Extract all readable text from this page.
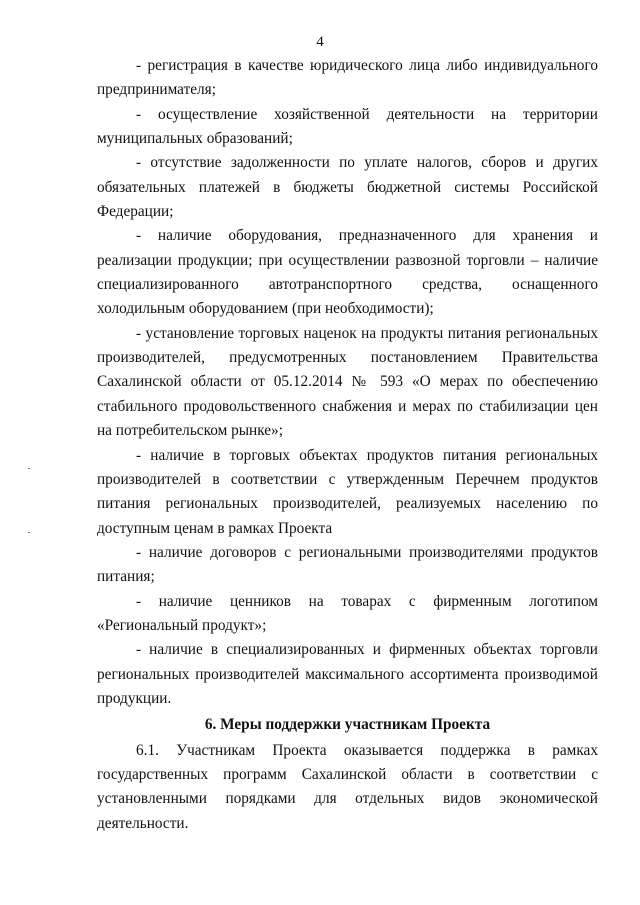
4

- регистрация в качестве юридического лица либо индивидуального предпринимателя;

- осуществление хозяйственной деятельности на территории муниципальных образований;

- отсутствие задолженности по уплате налогов, сборов и других обязательных платежей в бюджеты бюджетной системы Российской Федерации;

- наличие оборудования, предназначенного для хранения и реализации продукции; при осуществлении развозной торговли – наличие специализированного автотранспортного средства, оснащенного холодильным оборудованием (при необходимости);

- установление торговых наценок на продукты питания региональных производителей, предусмотренных постановлением Правительства Сахалинской области от 05.12.2014 № 593 «О мерах по обеспечению стабильного продовольственного снабжения и мерах по стабилизации цен на потребительском рынке»;

- наличие в торговых объектах продуктов питания региональных производителей в соответствии с утвержденным Перечнем продуктов питания региональных производителей, реализуемых населению по доступным ценам в рамках Проекта

- наличие договоров с региональными производителями продуктов питания;

- наличие ценников на товарах с фирменным логотипом «Региональный продукт»;

- наличие в специализированных и фирменных объектах торговли региональных производителей максимального ассортимента производимой продукции.

6. Меры поддержки участникам Проекта

6.1. Участникам Проекта оказывается поддержка в рамках государственных программ Сахалинской области в соответствии с установленными порядками для отдельных видов экономической деятельности.
